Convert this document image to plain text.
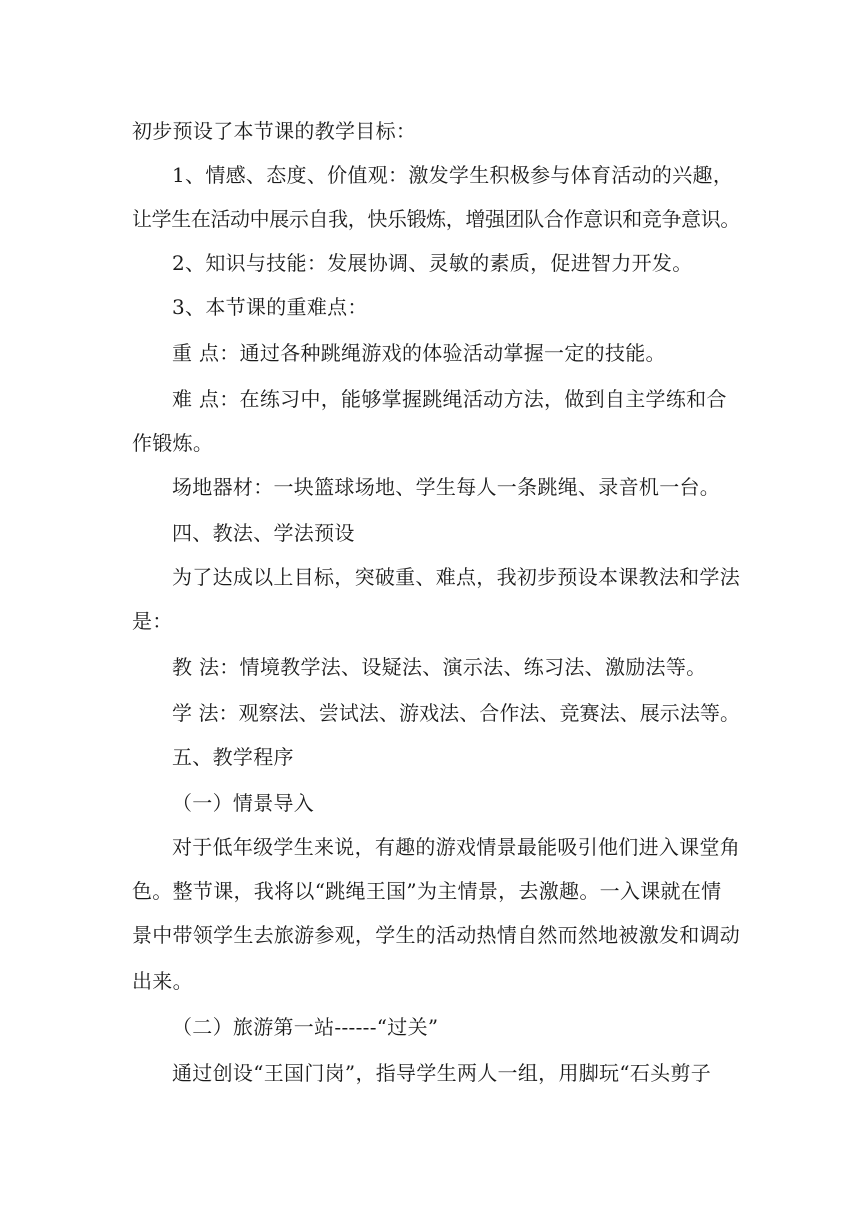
初步预设了本节课的教学目标：
1、情感、态度、价值观：激发学生积极参与体育活动的兴趣，
让学生在活动中展示自我，快乐锻炼，增强团队合作意识和竞争意识。
2、知识与技能：发展协调、灵敏的素质，促进智力开发。
3、本节课的重难点：
重 点：通过各种跳绳游戏的体验活动掌握一定的技能。
难 点：在练习中，能够掌握跳绳活动方法，做到自主学练和合
作锻炼。
场地器材：一块篮球场地、学生每人一条跳绳、录音机一台。
四、教法、学法预设
为了达成以上目标，突破重、难点，我初步预设本课教法和学法
是：
教 法：情境教学法、设疑法、演示法、练习法、激励法等。
学 法：观察法、尝试法、游戏法、合作法、竞赛法、展示法等。
五、教学程序
（一）情景导入
对于低年级学生来说，有趣的游戏情景最能吸引他们进入课堂角
色。整节课，我将以“跳绳王国”为主情景，去激趣。一入课就在情
景中带领学生去旅游参观，学生的活动热情自然而然地被激发和调动
出来。
（二）旅游第一站------“过关”
通过创设“王国门岗”，指导学生两人一组，用脚玩“石头剪子
